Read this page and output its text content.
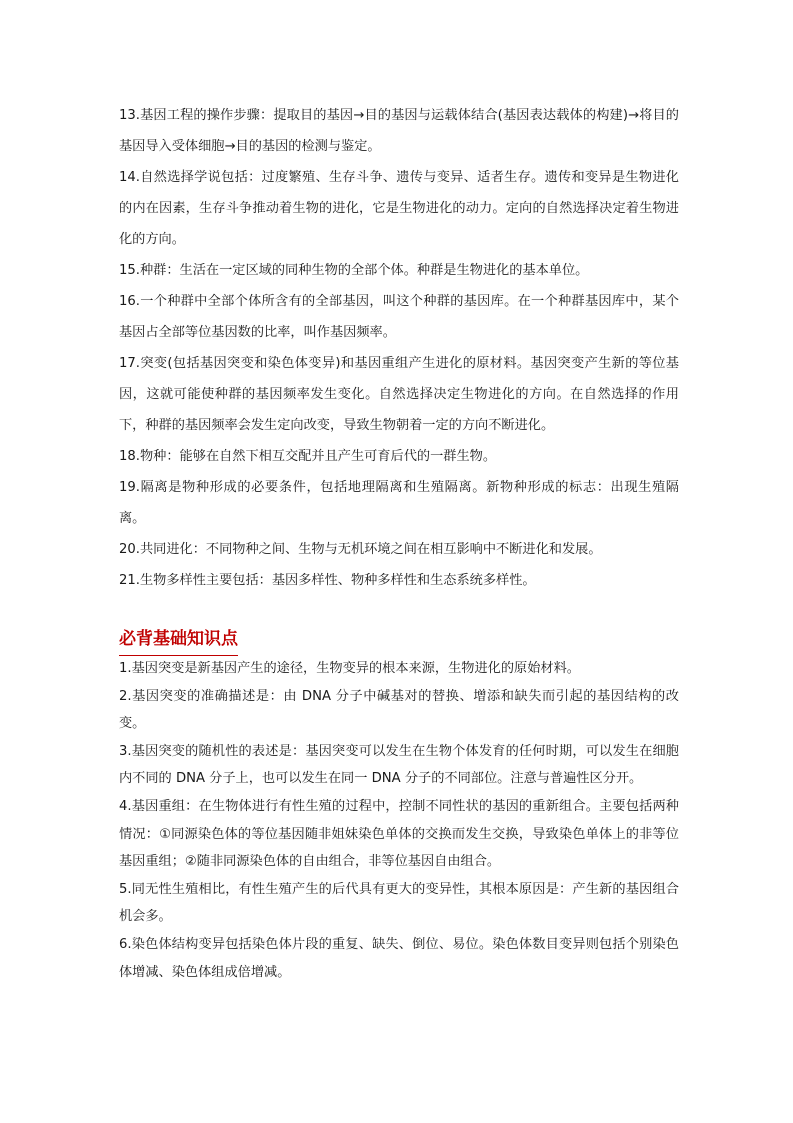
13.基因工程的操作步骤：提取目的基因→目的基因与运载体结合(基因表达载体的构建)→将目的基因导入受体细胞→目的基因的检测与鉴定。

14.自然选择学说包括：过度繁殖、生存斗争、遗传与变异、适者生存。遗传和变异是生物进化的内在因素，生存斗争推动着生物的进化，它是生物进化的动力。定向的自然选择决定着生物进化的方向。

15.种群：生活在一定区域的同种生物的全部个体。种群是生物进化的基本单位。

16.一个种群中全部个体所含有的全部基因，叫这个种群的基因库。在一个种群基因库中，某个基因占全部等位基因数的比率，叫作基因频率。

17.突变(包括基因突变和染色体变异)和基因重组产生进化的原材料。基因突变产生新的等位基因，这就可能使种群的基因频率发生变化。自然选择决定生物进化的方向。在自然选择的作用下，种群的基因频率会发生定向改变，导致生物朝着一定的方向不断进化。

18.物种：能够在自然下相互交配并且产生可育后代的一群生物。

19.隔离是物种形成的必要条件，包括地理隔离和生殖隔离。新物种形成的标志：出现生殖隔离。

20.共同进化：不同物种之间、生物与无机环境之间在相互影响中不断进化和发展。

21.生物多样性主要包括：基因多样性、物种多样性和生态系统多样性。

必背基础知识点

1.基因突变是新基因产生的途径，生物变异的根本来源，生物进化的原始材料。

2.基因突变的准确描述是：由 DNA 分子中碱基对的替换、增添和缺失而引起的基因结构的改变。

3.基因突变的随机性的表述是：基因突变可以发生在生物个体发育的任何时期，可以发生在细胞内不同的 DNA 分子上，也可以发生在同一 DNA 分子的不同部位。注意与普遍性区分开。

4.基因重组：在生物体进行有性生殖的过程中，控制不同性状的基因的重新组合。主要包括两种情况：①同源染色体的等位基因随非姐妹染色单体的交换而发生交换，导致染色单体上的非等位基因重组；②随非同源染色体的自由组合，非等位基因自由组合。

5.同无性生殖相比，有性生殖产生的后代具有更大的变异性，其根本原因是：产生新的基因组合机会多。

6.染色体结构变异包括染色体片段的重复、缺失、倒位、易位。染色体数目变异则包括个别染色体增减、染色体组成倍增减。
